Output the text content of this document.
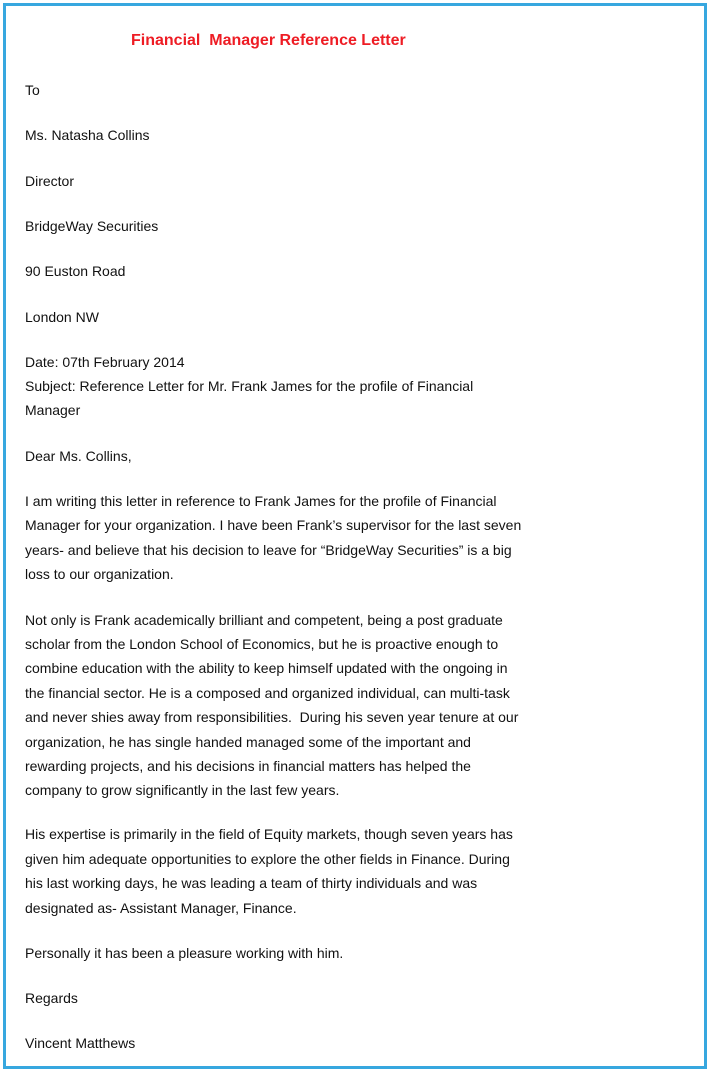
Financial  Manager Reference Letter

To

Ms. Natasha Collins

Director

BridgeWay Securities

90 Euston Road

London NW

Date: 07th February 2014

Subject: Reference Letter for Mr. Frank James for the profile of Financial

Manager

Dear Ms. Collins,

I am writing this letter in reference to Frank James for the profile of Financial

Manager for your organization. I have been Frank’s supervisor for the last seven

years- and believe that his decision to leave for “BridgeWay Securities” is a big

loss to our organization.

Not only is Frank academically brilliant and competent, being a post graduate

scholar from the London School of Economics, but he is proactive enough to

combine education with the ability to keep himself updated with the ongoing in

the financial sector. He is a composed and organized individual, can multi-task

and never shies away from responsibilities.  During his seven year tenure at our

organization, he has single handed managed some of the important and

rewarding projects, and his decisions in financial matters has helped the

company to grow significantly in the last few years.

His expertise is primarily in the field of Equity markets, though seven years has

given him adequate opportunities to explore the other fields in Finance. During

his last working days, he was leading a team of thirty individuals and was

designated as- Assistant Manager, Finance.

Personally it has been a pleasure working with him.

Regards

Vincent Matthews
